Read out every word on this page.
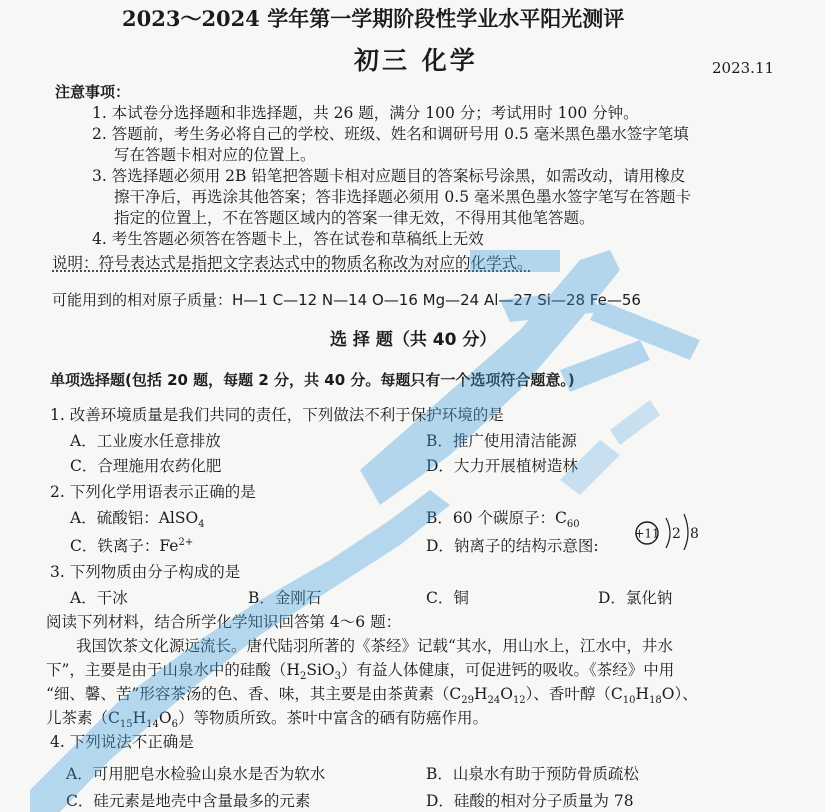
2023～2024 学年第一学期阶段性学业水平阳光测评
初三 化学	2023.11
注意事项：
1. 本试卷分选择题和非选择题，共 26 题，满分 100 分；考试用时 100 分钟。
2. 答题前，考生务必将自己的学校、班级、姓名和调研号用 0.5 毫米黑色墨水签字笔填
写在答题卡相对应的位置上。
3. 答选择题必须用 2B 铅笔把答题卡相对应题目的答案标号涂黑，如需改动，请用橡皮
擦干净后，再选涂其他答案；答非选择题必须用 0.5 毫米黑色墨水签字笔写在答题卡
指定的位置上，不在答题区域内的答案一律无效，不得用其他笔答题。
4. 考生答题必须答在答题卡上，答在试卷和草稿纸上无效
说明：符号表达式是指把文字表达式中的物质名称改为对应的化学式。
可能用到的相对原子质量：H—1 C—12 N—14 O—16 Mg—24 Al—27 Si—28 Fe—56
选 择 题（共 40 分）
单项选择题(包括 20 题，每题 2 分，共 40 分。每题只有一个选项符合题意。)
1. 改善环境质量是我们共同的责任，下列做法不利于保护环境的是
A．工业废水任意排放	B．推广使用清洁能源
C．合理施用农药化肥	D．大力开展植树造林
2. 下列化学用语表示正确的是
A．硫酸铝：AlSO$_4$	B．60 个碳原子：$C_{60}$
C．铁离子：$Fe^{2+}$	D．钠离子的结构示意图:
+11 2 8
3. 下列物质由分子构成的是
A．干冰	B．金刚石	C．铜	D．氯化钠
阅读下列材料，结合所学化学知识回答第 4～6 题：
我国饮茶文化源远流长。唐代陆羽所著的《茶经》记载“其水，用山水上，江水中，井水
下”，主要是由于山泉水中的硅酸$(H_2SiO_3)$有益人体健康，可促进钙的吸收。《茶经》中用
“细、馨、苦”形容茶汤的色、香、味，其主要是由茶黄素$(C_{29}H_{24}O_{12})$、香叶醇$(C_{10}H_{18}O)$、
儿茶素$(C_{15}H_{14}O_6)$等物质所致。茶叶中富含的硒有防癌作用。
4. 下列说法不正确是
A．可用肥皂水检验山泉水是否为软水	B．山泉水有助于预防骨质疏松
C．硅元素是地壳中含量最多的元素	D．硅酸的相对分子质量为 78
